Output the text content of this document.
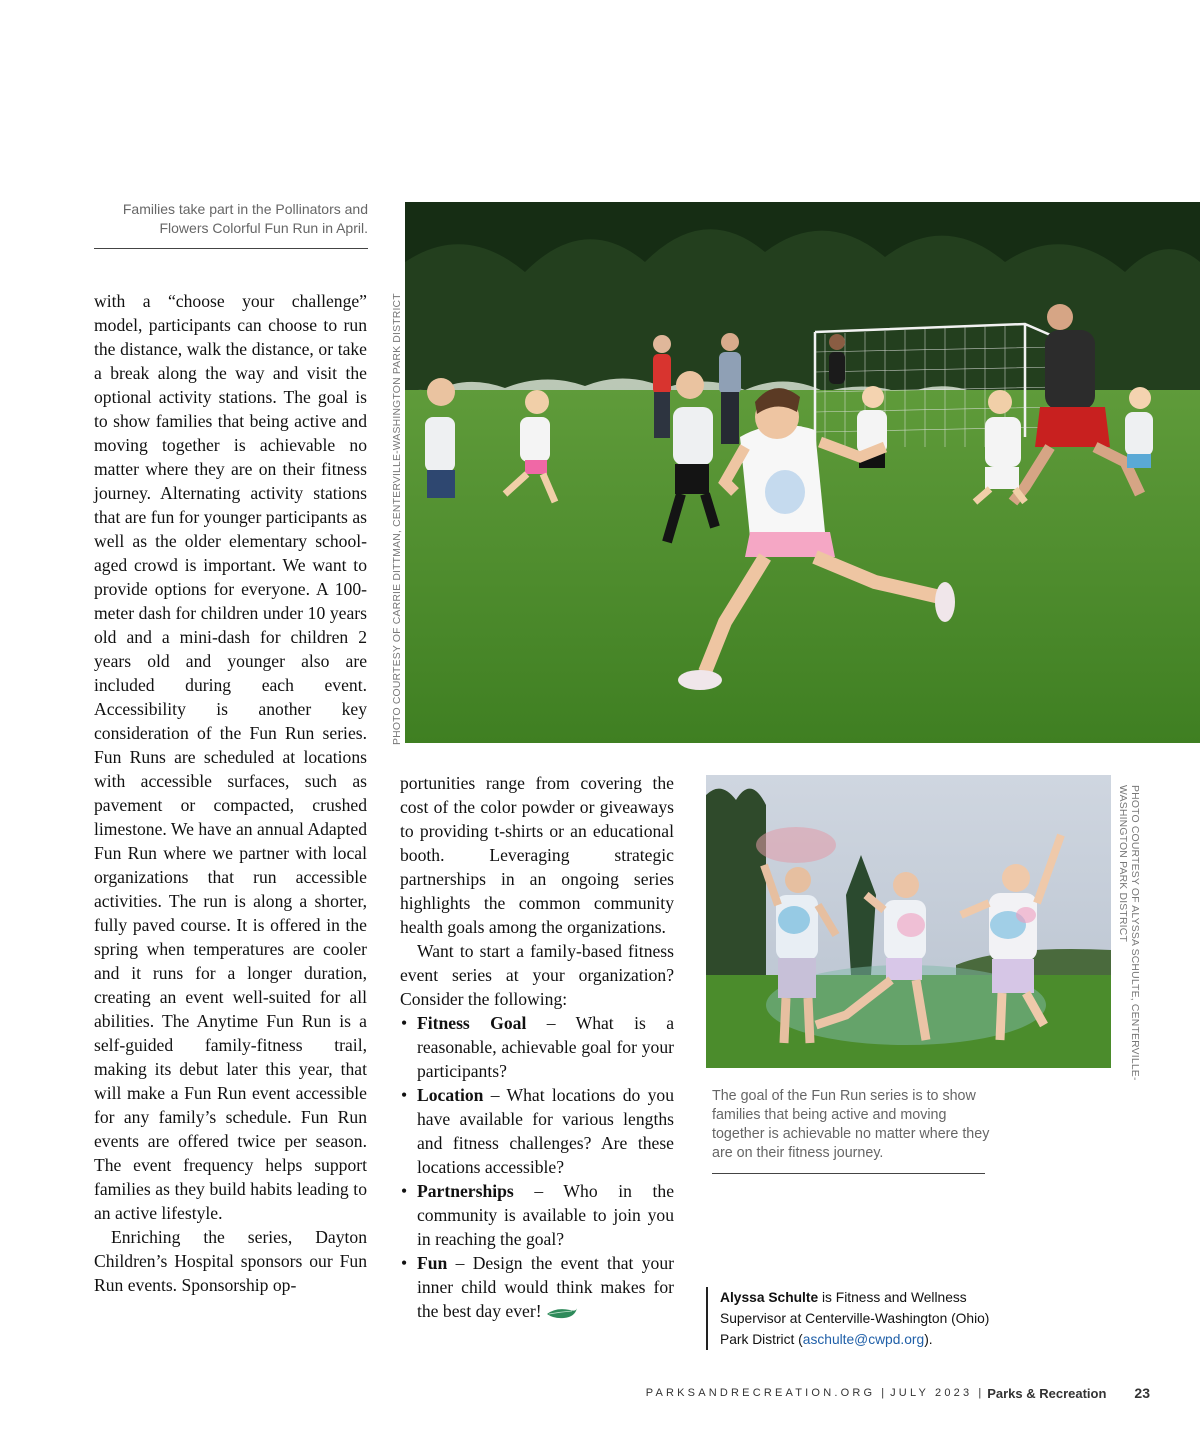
Families take part in the Pollinators and Flowers Colorful Fun Run in April.

with a “choose your challenge” model, participants can choose to run the distance, walk the distance, or take a break along the way and visit the optional activity stations. The goal is to show families that being active and moving together is achievable no matter where they are on their fitness journey. Alternating activity stations that are fun for younger participants as well as the older elementary school-aged crowd is important. We want to provide options for everyone. A 100-meter dash for children under 10 years old and a mini-dash for children 2 years old and younger also are included during each event. Accessibility is another key consideration of the Fun Run series. Fun Runs are scheduled at locations with accessible surfaces, such as pavement or compacted, crushed limestone. We have an annual Adapted Fun Run where we partner with local organizations that run accessible activities. The run is along a shorter, fully paved course. It is offered in the spring when temperatures are cooler and it runs for a longer duration, creating an event well-suited for all abilities. The Anytime Fun Run is a self-guided family-fitness trail, making its debut later this year, that will make a Fun Run event accessible for any family’s schedule. Fun Run events are offered twice per season. The event frequency helps support families as they build habits leading to an active lifestyle.

Enriching the series, Dayton Children’s Hospital sponsors our Fun Run events. Sponsorship op-

PHOTO COURTESY OF CARRIE DITTMAN, CENTERVILLE-WASHINGTON PARK DISTRICT

portunities range from covering the cost of the color powder or giveaways to providing t-shirts or an educational booth. Leveraging strategic partnerships in an ongoing series highlights the common community health goals among the organizations.

Want to start a family-based fitness event series at your organization? Consider the following:

• Fitness Goal – What is a reasonable, achievable goal for your participants?
• Location – What locations do you have available for various lengths and fitness challenges? Are these locations accessible?
• Partnerships – Who in the community is available to join you in reaching the goal?
• Fun – Design the event that your inner child would think makes for the best day ever!
PHOTO COURTESY OF ALYSSA SCHULTE, CENTERVILLE-
WASHINGTON PARK DISTRICT
The goal of the Fun Run series is to show families that being active and moving together is achievable no matter where they are on their fitness journey.
Alyssa Schulte is Fitness and Wellness Supervisor at Centerville-Washington (Ohio) Park District (aschulte@cwpd.org).
PARKSANDRECREATION.ORG | JULY 2023 | Parks & Recreation 23
